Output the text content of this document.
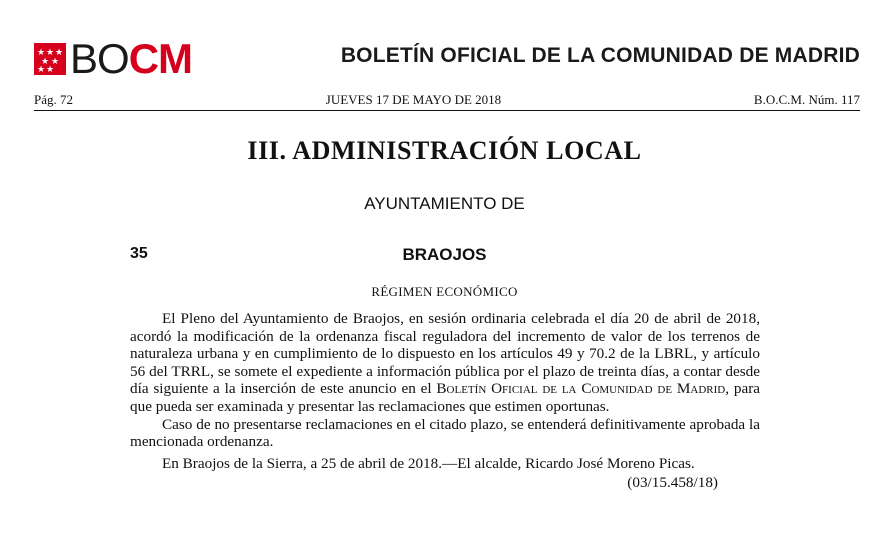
★ ★ ★
★ ★
★ ★ BOCM	BOLETÍN OFICIAL DE LA COMUNIDAD DE MADRID
Pág. 72	JUEVES 17 DE MAYO DE 2018	B.O.C.M. Núm. 117
III. ADMINISTRACIÓN LOCAL
AYUNTAMIENTO DE
35	BRAOJOS
RÉGIMEN ECONÓMICO

El Pleno del Ayuntamiento de Braojos, en sesión ordinaria celebrada el día 20 de abril de 2018, acordó la modificación de la ordenanza fiscal reguladora del incremento de valor de los terrenos de naturaleza urbana y en cumplimiento de lo dispuesto en los artículos 49 y 70.2 de la LBRL, y artículo 56 del TRRL, se somete el expediente a información pública por el plazo de treinta días, a contar desde día siguiente a la inserción de este anuncio en el Boletín Oficial de la Comunidad de Madrid, para que pueda ser examinada y presentar las reclamaciones que estimen oportunas.

Caso de no presentarse reclamaciones en el citado plazo, se entenderá definitivamente aprobada la mencionada ordenanza.

En Braojos de la Sierra, a 25 de abril de 2018.—El alcalde, Ricardo José Moreno Picas.

(03/15.458/18)
